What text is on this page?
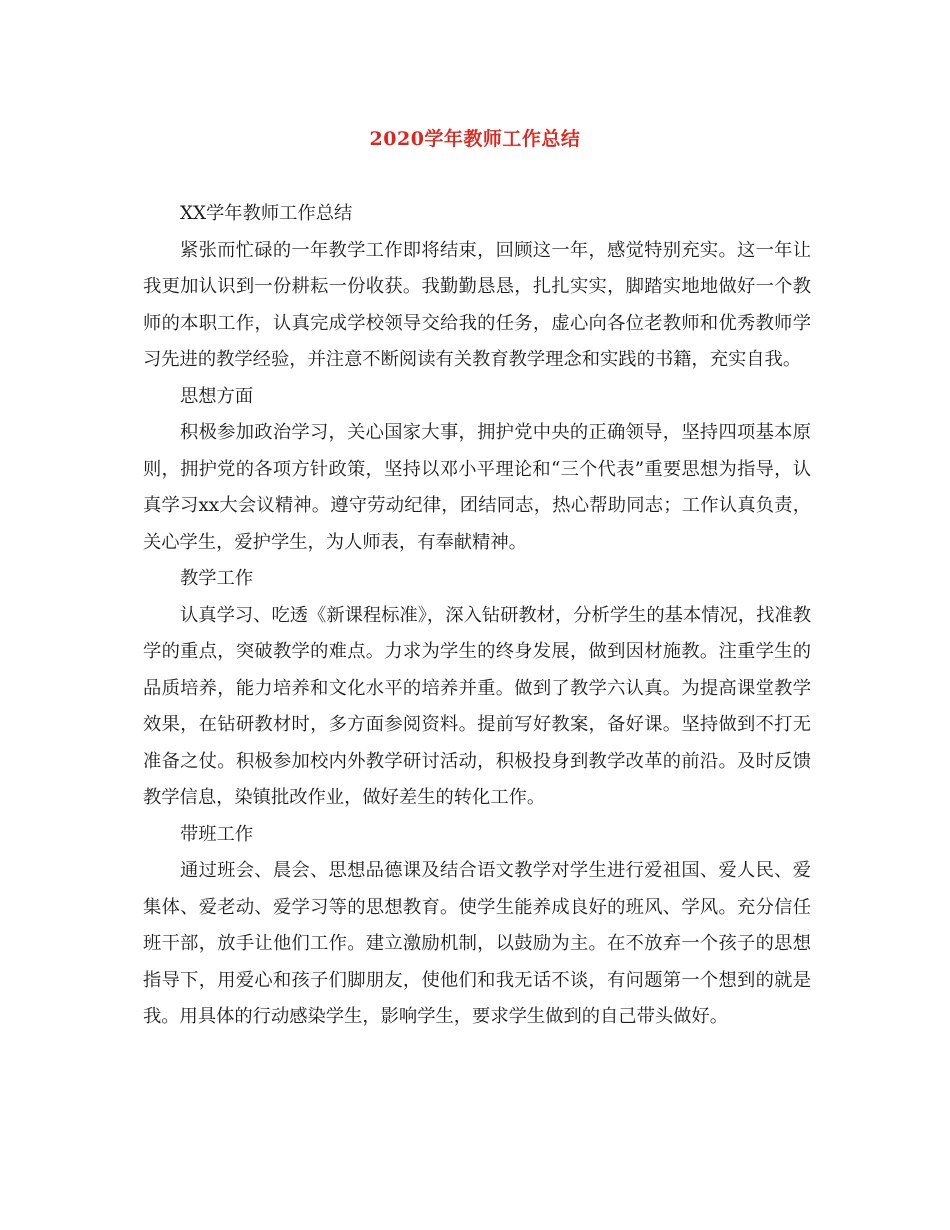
2020学年教师工作总结

XX学年教师工作总结

紧张而忙碌的一年教学工作即将结束，回顾这一年，感觉特别充实。这一年让我更加认识到一份耕耘一份收获。我勤勤恳恳，扎扎实实，脚踏实地地做好一个教师的本职工作，认真完成学校领导交给我的任务，虚心向各位老教师和优秀教师学习先进的教学经验，并注意不断阅读有关教育教学理念和实践的书籍，充实自我。

思想方面

积极参加政治学习，关心国家大事，拥护党中央的正确领导，坚持四项基本原则，拥护党的各项方针政策，坚持以邓小平理论和“三个代表”重要思想为指导，认真学习xx大会议精神。遵守劳动纪律，团结同志，热心帮助同志；工作认真负责，关心学生，爱护学生，为人师表，有奉献精神。

教学工作

认真学习、吃透《新课程标准》，深入钻研教材，分析学生的基本情况，找准教学的重点，突破教学的难点。力求为学生的终身发展，做到因材施教。注重学生的品质培养，能力培养和文化水平的培养并重。做到了教学六认真。为提高课堂教学效果，在钻研教材时，多方面参阅资料。提前写好教案，备好课。坚持做到不打无准备之仗。积极参加校内外教学研讨活动，积极投身到教学改革的前沿。及时反馈教学信息，染镇批改作业，做好差生的转化工作。

带班工作

通过班会、晨会、思想品德课及结合语文教学对学生进行爱祖国、爱人民、爱集体、爱老动、爱学习等的思想教育。使学生能养成良好的班风、学风。充分信任班干部，放手让他们工作。建立激励机制，以鼓励为主。在不放弃一个孩子的思想指导下，用爱心和孩子们脚朋友，使他们和我无话不谈，有问题第一个想到的就是我。用具体的行动感染学生，影响学生，要求学生做到的自己带头做好。
